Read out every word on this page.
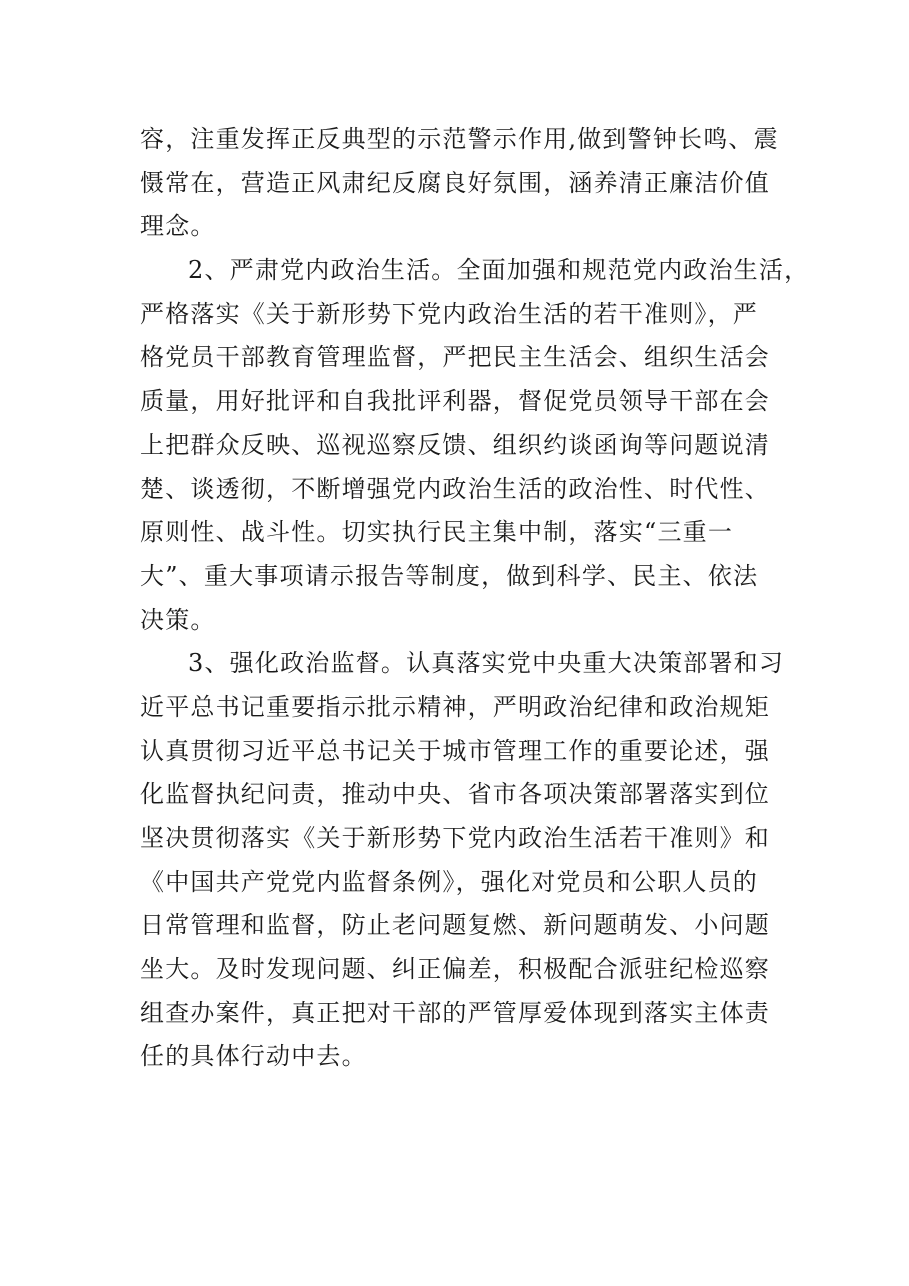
容，注重发挥正反典型的示范警示作用,做到警钟长鸣、震
慑常在，营造正风肃纪反腐良好氛围，涵养清正廉洁价值
理念。
2、严肃党内政治生活。全面加强和规范党内政治生活，
严格落实《关于新形势下党内政治生活的若干准则》，严
格党员干部教育管理监督，严把民主生活会、组织生活会
质量，用好批评和自我批评利器，督促党员领导干部在会
上把群众反映、巡视巡察反馈、组织约谈函询等问题说清
楚、谈透彻，不断增强党内政治生活的政治性、时代性、
原则性、战斗性。切实执行民主集中制，落实“三重一
大”、重大事项请示报告等制度，做到科学、民主、依法
决策。
3、强化政治监督。认真落实党中央重大决策部署和习
近平总书记重要指示批示精神，严明政治纪律和政治规矩
认真贯彻习近平总书记关于城市管理工作的重要论述，强
化监督执纪问责，推动中央、省市各项决策部署落实到位
坚决贯彻落实《关于新形势下党内政治生活若干准则》和
《中国共产党党内监督条例》，强化对党员和公职人员的
日常管理和监督，防止老问题复燃、新问题萌发、小问题
坐大。及时发现问题、纠正偏差，积极配合派驻纪检巡察
组查办案件，真正把对干部的严管厚爱体现到落实主体责
任的具体行动中去。
